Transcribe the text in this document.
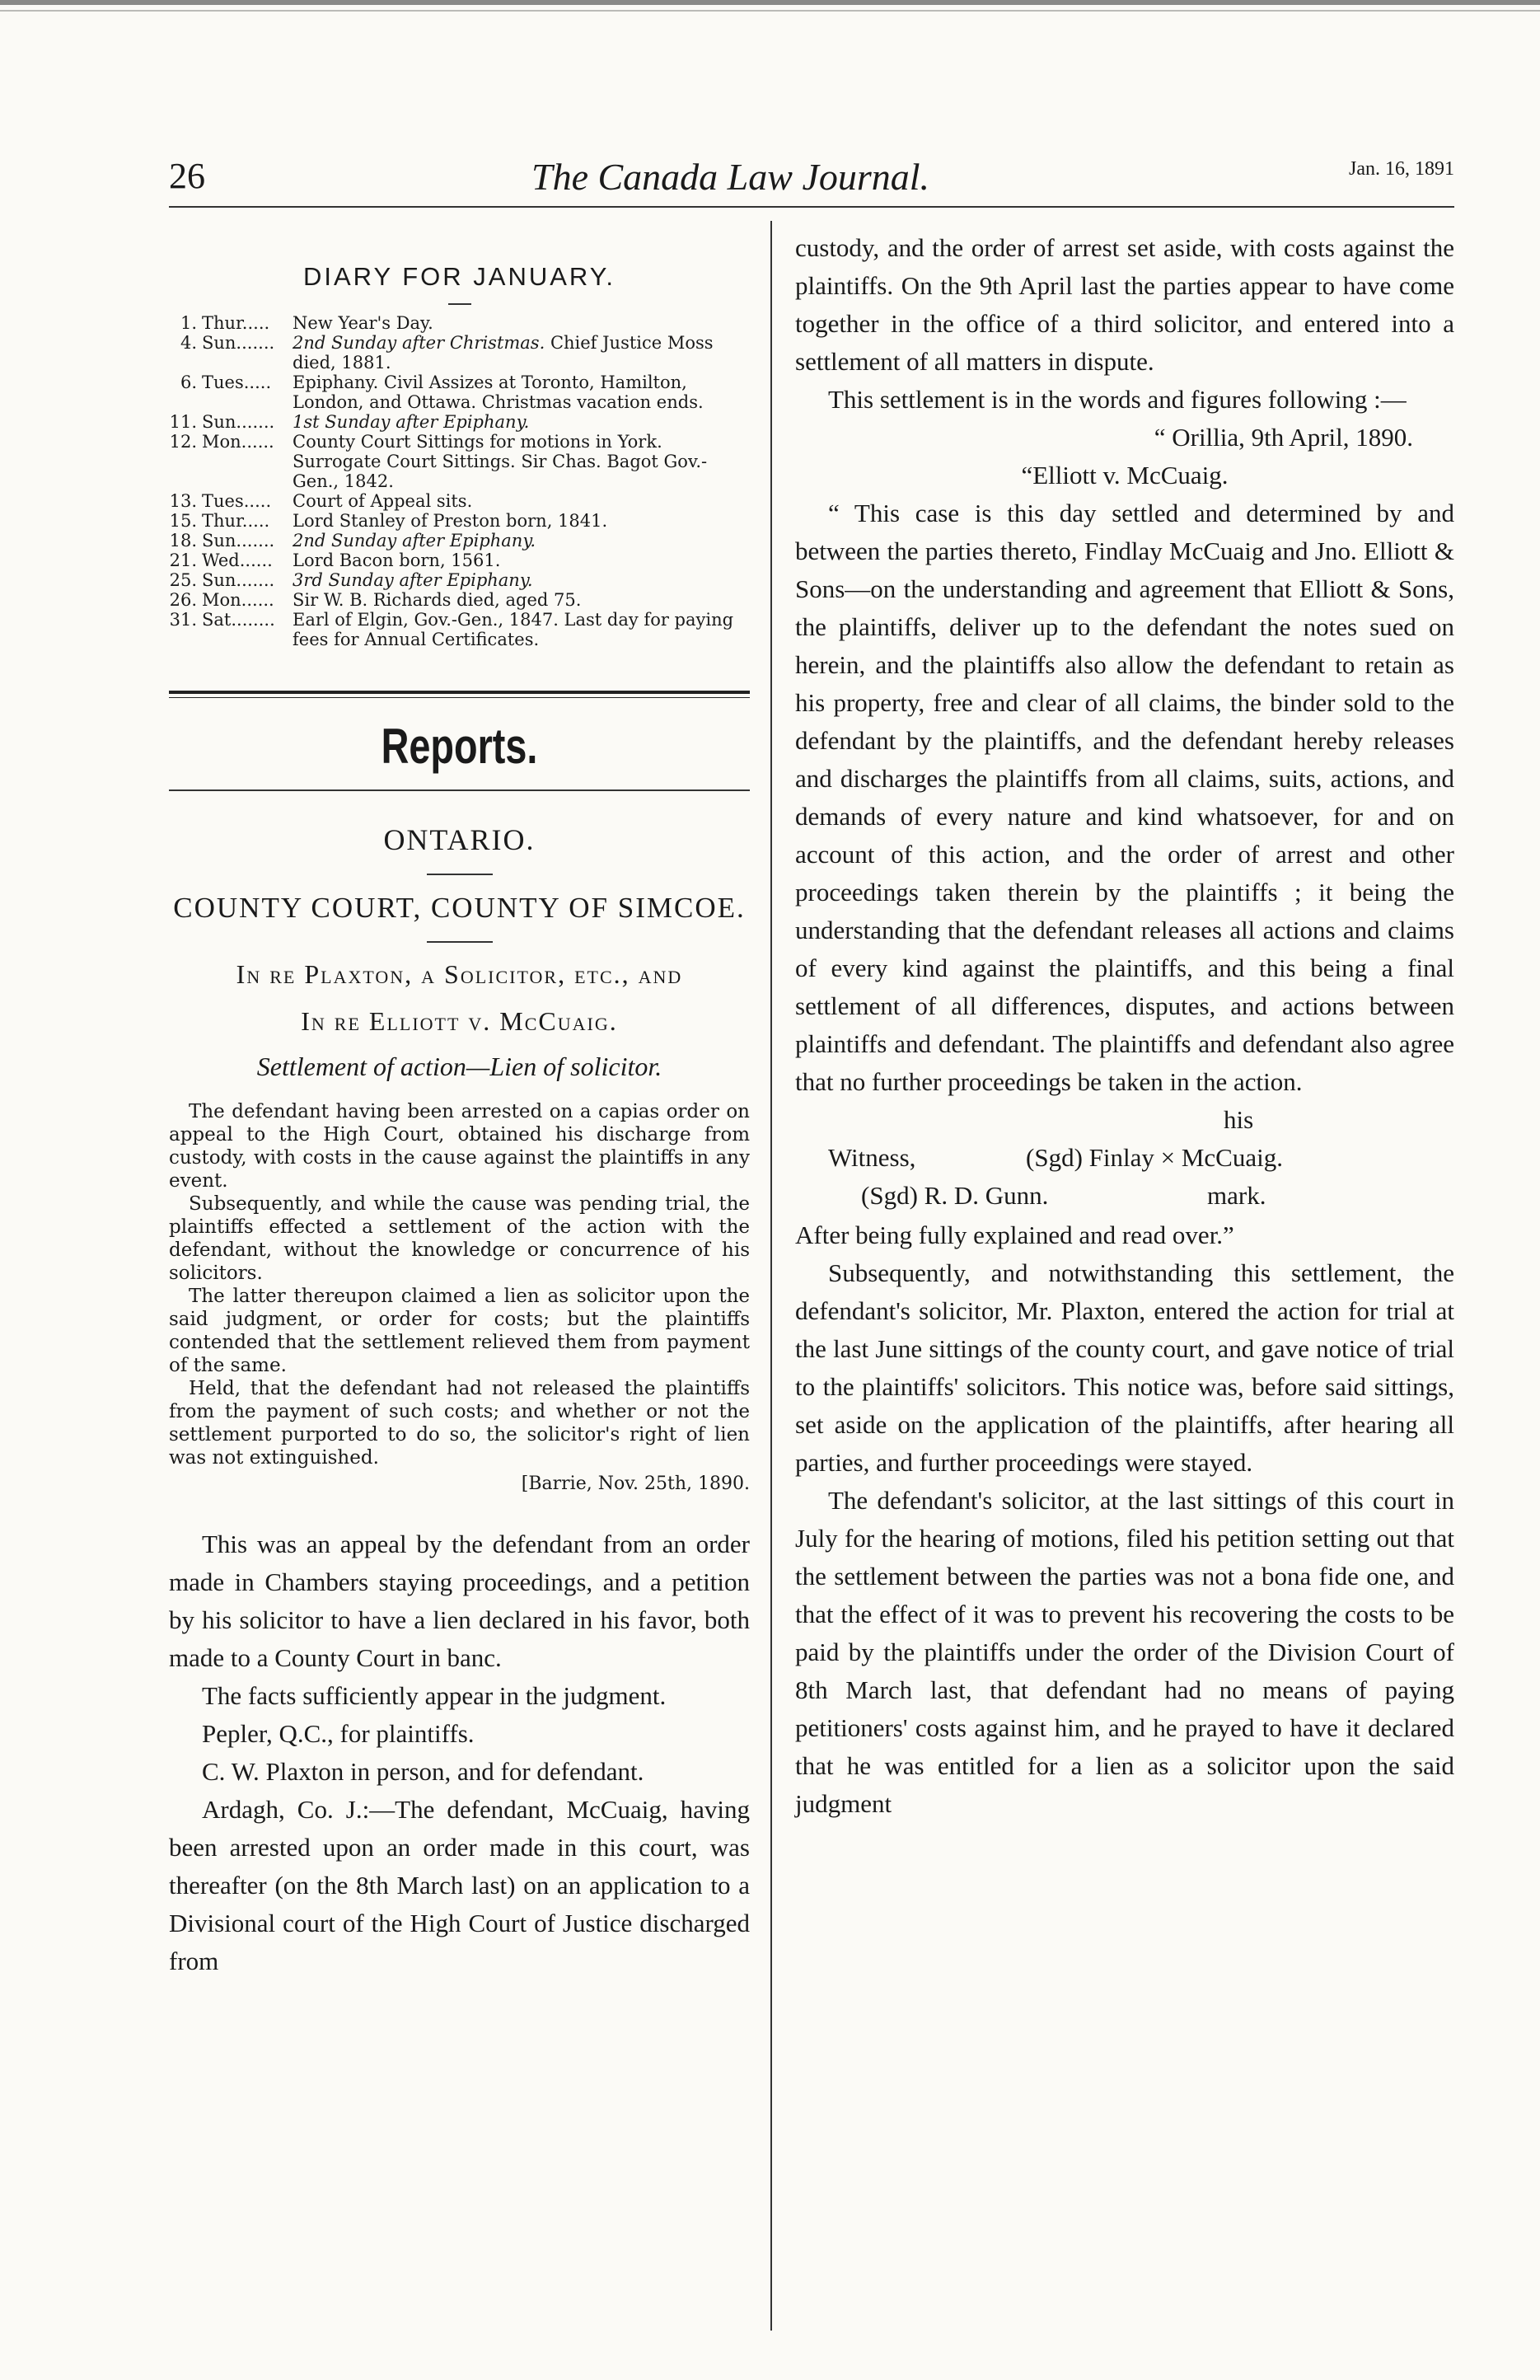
26	The Canada Law Journal.	Jan. 16, 1891
DIARY FOR JANUARY.
1. Thur.....	New Year's Day.
4. Sun.......	2nd Sunday after Christmas. Chief Justice Moss died, 1881.
6. Tues.....	Epiphany. Civil Assizes at Toronto, Hamilton, London, and Ottawa. Christmas vacation ends.
11. Sun.......	1st Sunday after Epiphany.
12. Mon......	County Court Sittings for motions in York. Surrogate Court Sittings. Sir Chas. Bagot Gov.-Gen., 1842.
13. Tues.....	Court of Appeal sits.
15. Thur.....	Lord Stanley of Preston born, 1841.
18. Sun.......	2nd Sunday after Epiphany.
21. Wed......	Lord Bacon born, 1561.
25. Sun.......	3rd Sunday after Epiphany.
26. Mon......	Sir W. B. Richards died, aged 75.
31. Sat........	Earl of Elgin, Gov.-Gen., 1847. Last day for paying fees for Annual Certificates.
Reports.
ONTARIO.
COUNTY COURT, COUNTY OF SIMCOE.
In re Plaxton, a Solicitor, etc., and
In re Elliott v. McCuaig.
Settlement of action—Lien of solicitor.

The defendant having been arrested on a capias order on appeal to the High Court, obtained his discharge from custody, with costs in the cause against the plaintiffs in any event.

Subsequently, and while the cause was pending trial, the plaintiffs effected a settlement of the action with the defendant, without the knowledge or concurrence of his solicitors.

The latter thereupon claimed a lien as solicitor upon the said judgment, or order for costs; but the plaintiffs contended that the settlement relieved them from payment of the same.

Held, that the defendant had not released the plaintiffs from the payment of such costs; and whether or not the settlement purported to do so, the solicitor's right of lien was not extinguished.

[Barrie, Nov. 25th, 1890.

This was an appeal by the defendant from an order made in Chambers staying proceedings, and a petition by his solicitor to have a lien declared in his favor, both made to a County Court in banc.

The facts sufficiently appear in the judgment.

Pepler, Q.C., for plaintiffs.

C. W. Plaxton in person, and for defendant.

Ardagh, Co. J.:—The defendant, McCuaig, having been arrested upon an order made in this court, was thereafter (on the 8th March last) on an application to a Divisional court of the High Court of Justice discharged from

custody, and the order of arrest set aside, with costs against the plaintiffs. On the 9th April last the parties appear to have come together in the office of a third solicitor, and entered into a settlement of all matters in dispute.

This settlement is in the words and figures following :—

“ Orillia, 9th April, 1890.
“Elliott v. McCuaig.

“ This case is this day settled and determined by and between the parties thereto, Findlay McCuaig and Jno. Elliott & Sons—on the understanding and agreement that Elliott & Sons, the plaintiffs, deliver up to the defendant the notes sued on herein, and the plaintiffs also allow the defendant to retain as his property, free and clear of all claims, the binder sold to the defendant by the plaintiffs, and the defendant hereby releases and discharges the plaintiffs from all claims, suits, actions, and demands of every nature and kind whatsoever, for and on account of this action, and the order of arrest and other proceedings taken therein by the plaintiffs ; it being the understanding that the defendant releases all actions and claims of every kind against the plaintiffs, and this being a final settlement of all differences, disputes, and actions between plaintiffs and defendant. The plaintiffs and defendant also agree that no further proceedings be taken in the action.

his
Witness,	(Sgd) Finlay × McCuaig.
(Sgd) R. D. Gunn.	mark.

After being fully explained and read over.”

Subsequently, and notwithstanding this settlement, the defendant's solicitor, Mr. Plaxton, entered the action for trial at the last June sittings of the county court, and gave notice of trial to the plaintiffs' solicitors. This notice was, before said sittings, set aside on the application of the plaintiffs, after hearing all parties, and further proceedings were stayed.

The defendant's solicitor, at the last sittings of this court in July for the hearing of motions, filed his petition setting out that the settlement between the parties was not a bona fide one, and that the effect of it was to prevent his recovering the costs to be paid by the plaintiffs under the order of the Division Court of 8th March last, that defendant had no means of paying petitioners' costs against him, and he prayed to have it declared that he was entitled for a lien as a solicitor upon the said judgment
